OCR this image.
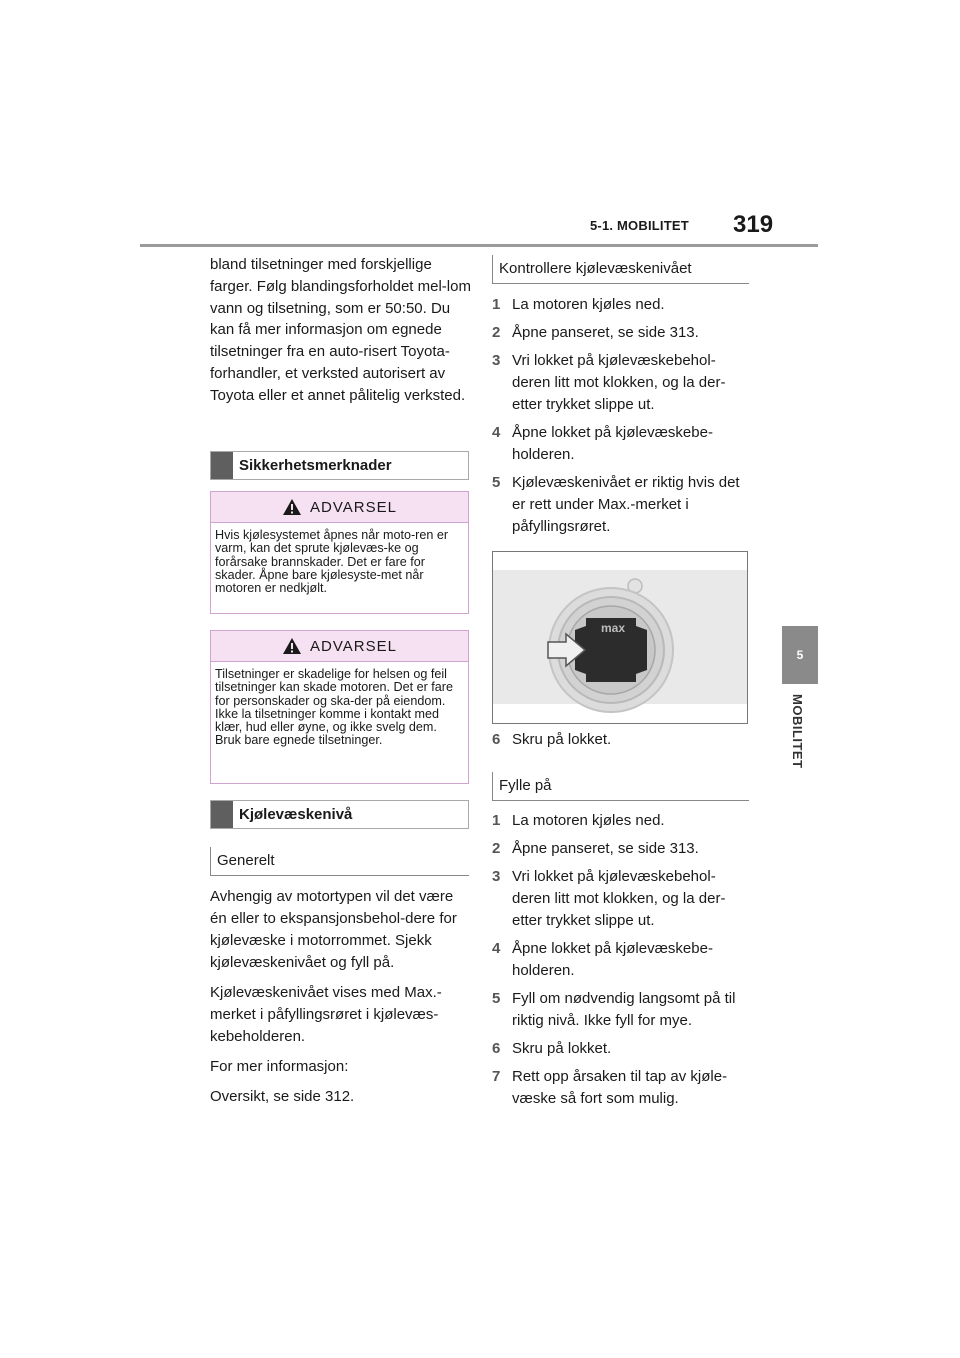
5-1. MOBILITET 319
5
MOBILITET

bland tilsetninger med forskjellige farger. Følg blandingsforholdet mel-lom vann og tilsetning, som er 50:50. Du kan få mer informasjon om egnede tilsetninger fra en auto-risert Toyota-forhandler, et verksted autorisert av Toyota eller et annet pålitelig verksted.

Sikkerhetsmerknader
ADVARSEL
Hvis kjølesystemet åpnes når moto-ren er varm, kan det sprute kjølevæs-ke og forårsake brannskader. Det er fare for skader. Åpne bare kjølesyste-met når motoren er nedkjølt.
ADVARSEL
Tilsetninger er skadelige for helsen og feil tilsetninger kan skade motoren. Det er fare for personskader og ska-der på eiendom. Ikke la tilsetninger komme i kontakt med klær, hud eller øyne, og ikke svelg dem. Bruk bare egnede tilsetninger.
Kjølevæskenivå
Generelt

Avhengig av motortypen vil det være én eller to ekspansjonsbehol-dere for kjølevæske i motorrommet. Sjekk kjølevæskenivået og fyll på.

Kjølevæskenivået vises med Max.-merket i påfyllingsrøret i kjølevæs-kebeholderen.

For mer informasjon:

Oversikt, se side 312.

Kontrollere kjølevæskenivået
1 La motoren kjøles ned.
2 Åpne panseret, se side 313.
3 Vri lokket på kjølevæskebehol-deren litt mot klokken, og la der-etter trykket slippe ut.
4 Åpne lokket på kjølevæskebe-holderen.
5 Kjølevæskenivået er riktig hvis det er rett under Max.-merket i påfyllingsrøret.
max
6 Skru på lokket.
Fylle på
1 La motoren kjøles ned.
2 Åpne panseret, se side 313.
3 Vri lokket på kjølevæskebehol-deren litt mot klokken, og la der-etter trykket slippe ut.
4 Åpne lokket på kjølevæskebe-holderen.
5 Fyll om nødvendig langsomt på til riktig nivå. Ikke fyll for mye.
6 Skru på lokket.
7 Rett opp årsaken til tap av kjøle-væske så fort som mulig.
